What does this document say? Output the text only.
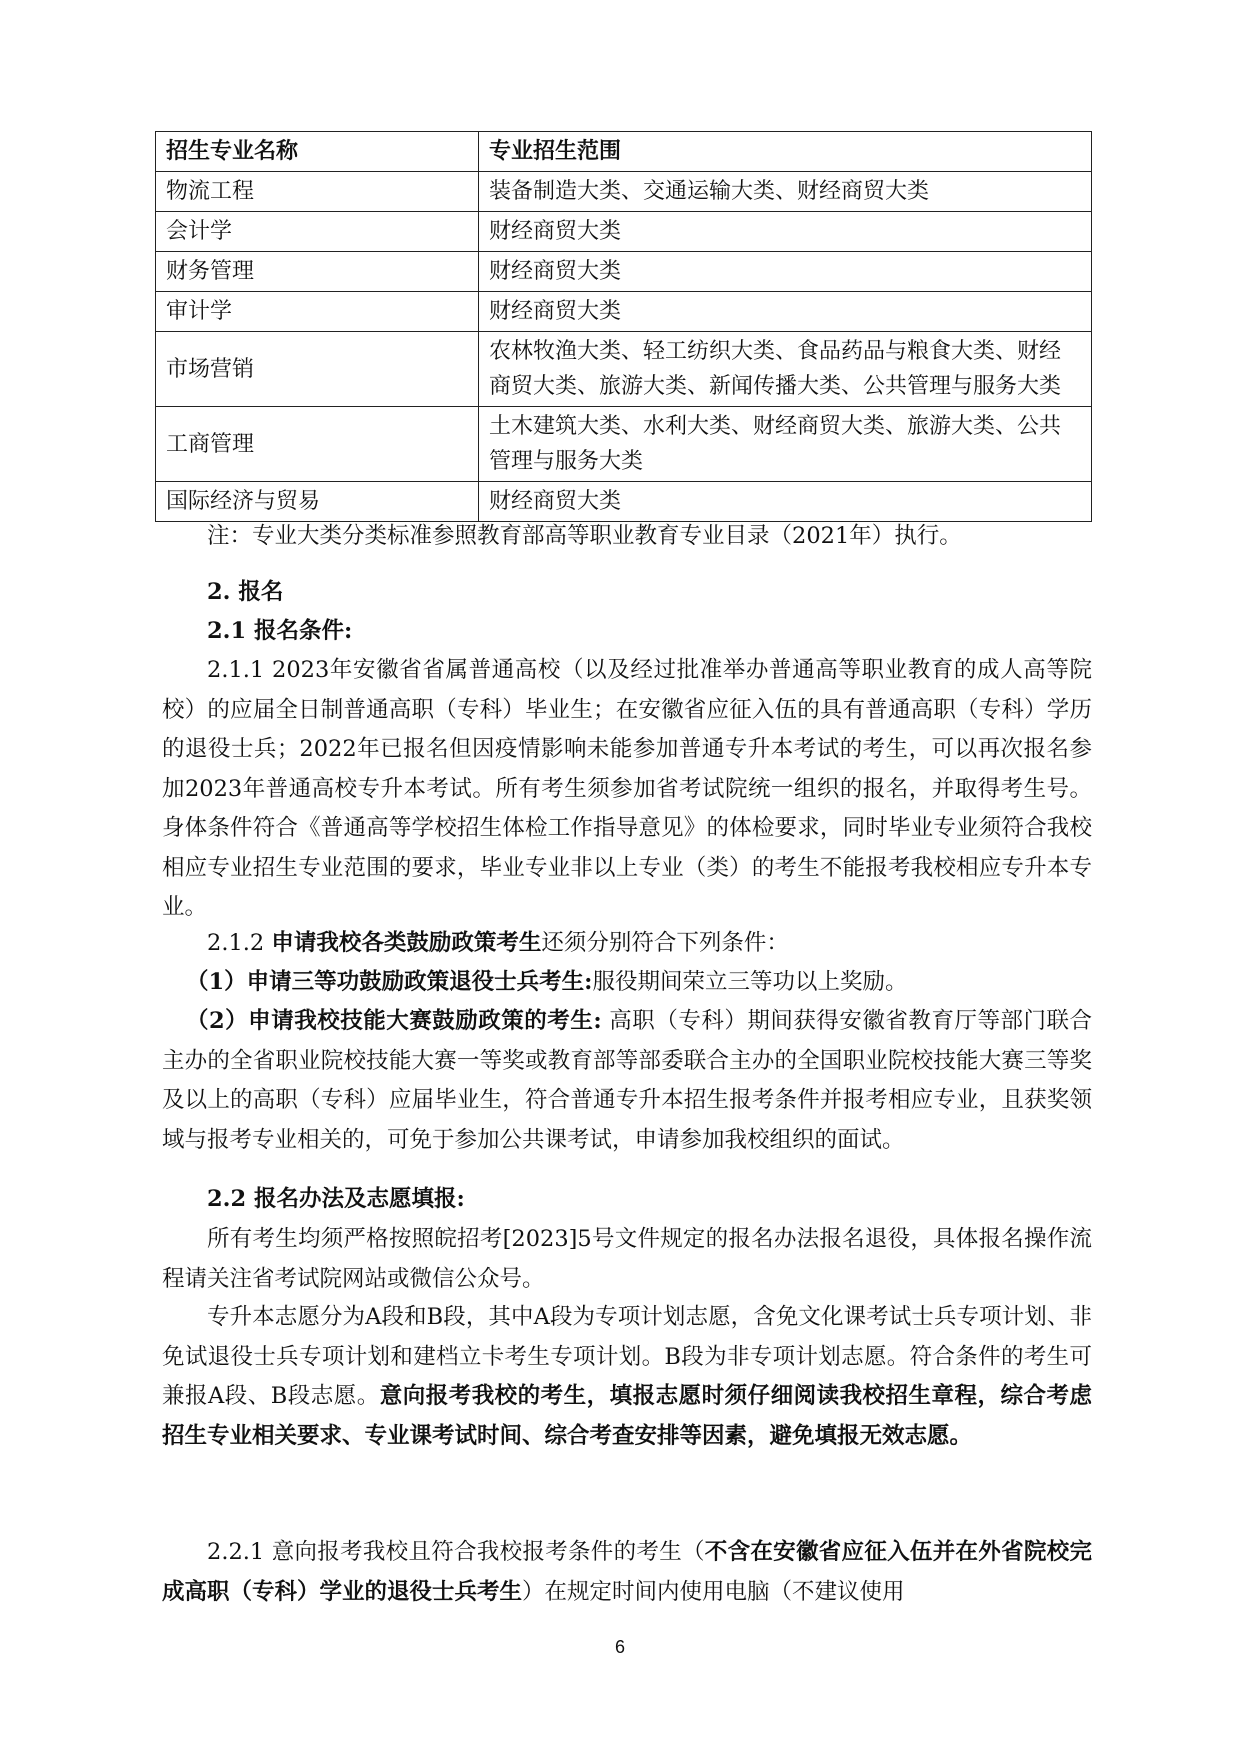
招生专业名称	专业招生范围
物流工程	装备制造大类、交通运输大类、财经商贸大类
会计学	财经商贸大类
财务管理	财经商贸大类
审计学	财经商贸大类
市场营销	农林牧渔大类、轻工纺织大类、食品药品与粮食大类、财经商贸大类、旅游大类、新闻传播大类、公共管理与服务大类
工商管理	土木建筑大类、水利大类、财经商贸大类、旅游大类、公共管理与服务大类
国际经济与贸易	财经商贸大类

注：专业大类分类标准参照教育部高等职业教育专业目录（2021年）执行。

2. 报名

2.1 报名条件:

2.1.1 2023年安徽省省属普通高校（以及经过批准举办普通高等职业教育的成人高等院校）的应届全日制普通高职（专科）毕业生；在安徽省应征入伍的具有普通高职（专科）学历的退役士兵；2022年已报名但因疫情影响未能参加普通专升本考试的考生，可以再次报名参加2023年普通高校专升本考试。所有考生须参加省考试院统一组织的报名，并取得考生号。身体条件符合《普通高等学校招生体检工作指导意见》的体检要求，同时毕业专业须符合我校相应专业招生专业范围的要求，毕业专业非以上专业（类）的考生不能报考我校相应专升本专业。

2.1.2 申请我校各类鼓励政策考生还须分别符合下列条件：

（1）申请三等功鼓励政策退役士兵考生:服役期间荣立三等功以上奖励。

（2）申请我校技能大赛鼓励政策的考生: 高职（专科）期间获得安徽省教育厅等部门联合主办的全省职业院校技能大赛一等奖或教育部等部委联合主办的全国职业院校技能大赛三等奖及以上的高职（专科）应届毕业生，符合普通专升本招生报考条件并报考相应专业，且获奖领域与报考专业相关的，可免于参加公共课考试，申请参加我校组织的面试。

2.2 报名办法及志愿填报:

所有考生均须严格按照皖招考[2023]5号文件规定的报名办法报名退役，具体报名操作流程请关注省考试院网站或微信公众号。

专升本志愿分为A段和B段，其中A段为专项计划志愿，含免文化课考试士兵专项计划、非免试退役士兵专项计划和建档立卡考生专项计划。B段为非专项计划志愿。符合条件的考生可兼报A段、B段志愿。意向报考我校的考生，填报志愿时须仔细阅读我校招生章程，综合考虑招生专业相关要求、专业课考试时间、综合考查安排等因素，避免填报无效志愿。

2.2.1 意向报考我校且符合我校报考条件的考生（不含在安徽省应征入伍并在外省院校完成高职（专科）学业的退役士兵考生）在规定时间内使用电脑（不建议使用

6
